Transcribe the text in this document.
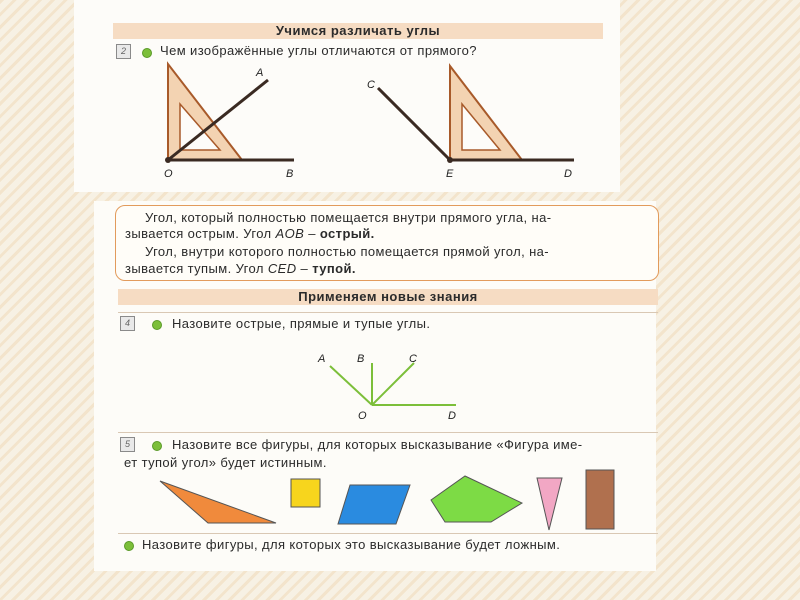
Учимся различать углы
2	Чем изображённые углы отличаются от прямого?
Угол, который полностью помещается внутри прямого угла, на-
зывается острым. Угол AOB – острый.
Угол, внутри которого полностью помещается прямой угол, на-
зывается тупым. Угол CED – тупой.
Применяем новые знания
4	Назовите острые, прямые и тупые углы.
5	Назовите все фигуры, для которых высказывание «Фигура име-
ет тупой угол» будет истинным.
Назовите фигуры, для которых это высказывание будет ложным.
A
O	B
C
E	D
A	B	C
O	D
